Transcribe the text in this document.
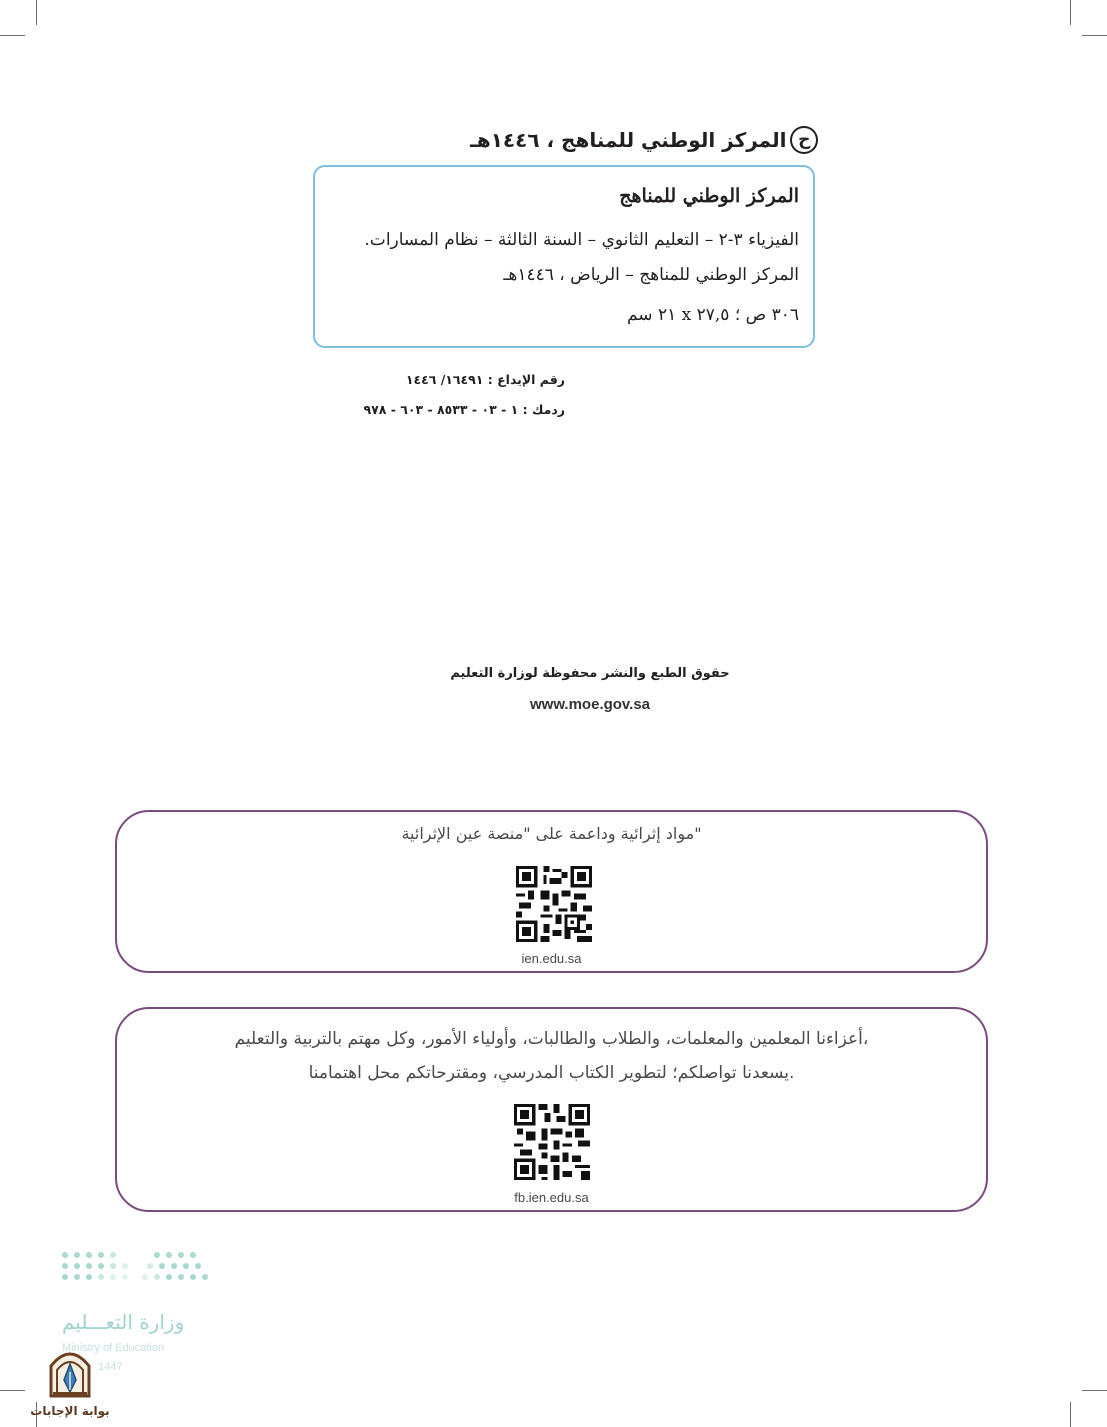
ح
المركز الوطني للمناهج ، ١٤٤٦هـ
المركز الوطني للمناهج
الفيزياء ٣-٢ – التعليم الثانوي – السنة الثالثة – نظام المسارات.
المركز الوطني للمناهج – الرياض ، ١٤٤٦هـ
٣٠٦ ص ؛ ٢٧,٥ x ٢١ سم
رقم الإيداع : ١٦٤٩١/ ١٤٤٦
ردمك : ١ - ٠٣ - ٨٥٣٣ - ٦٠٣ - ٩٧٨
حقوق الطبع والنشر محفوظة لوزارة التعليم
www.moe.gov.sa
مواد إثرائية وداعمة على "منصة عين الإثرائية"
ien.edu.sa
أعزاءنا المعلمين والمعلمات، والطلاب والطالبات، وأولياء الأمور، وكل مهتم بالتربية والتعليم،
يسعدنا تواصلكم؛ لتطوير الكتاب المدرسي، ومقترحاتكم محل اهتمامنا.
fb.ien.edu.sa
وزارة التعـــليم
Ministry of Education
1447
بوابة الإجابات
